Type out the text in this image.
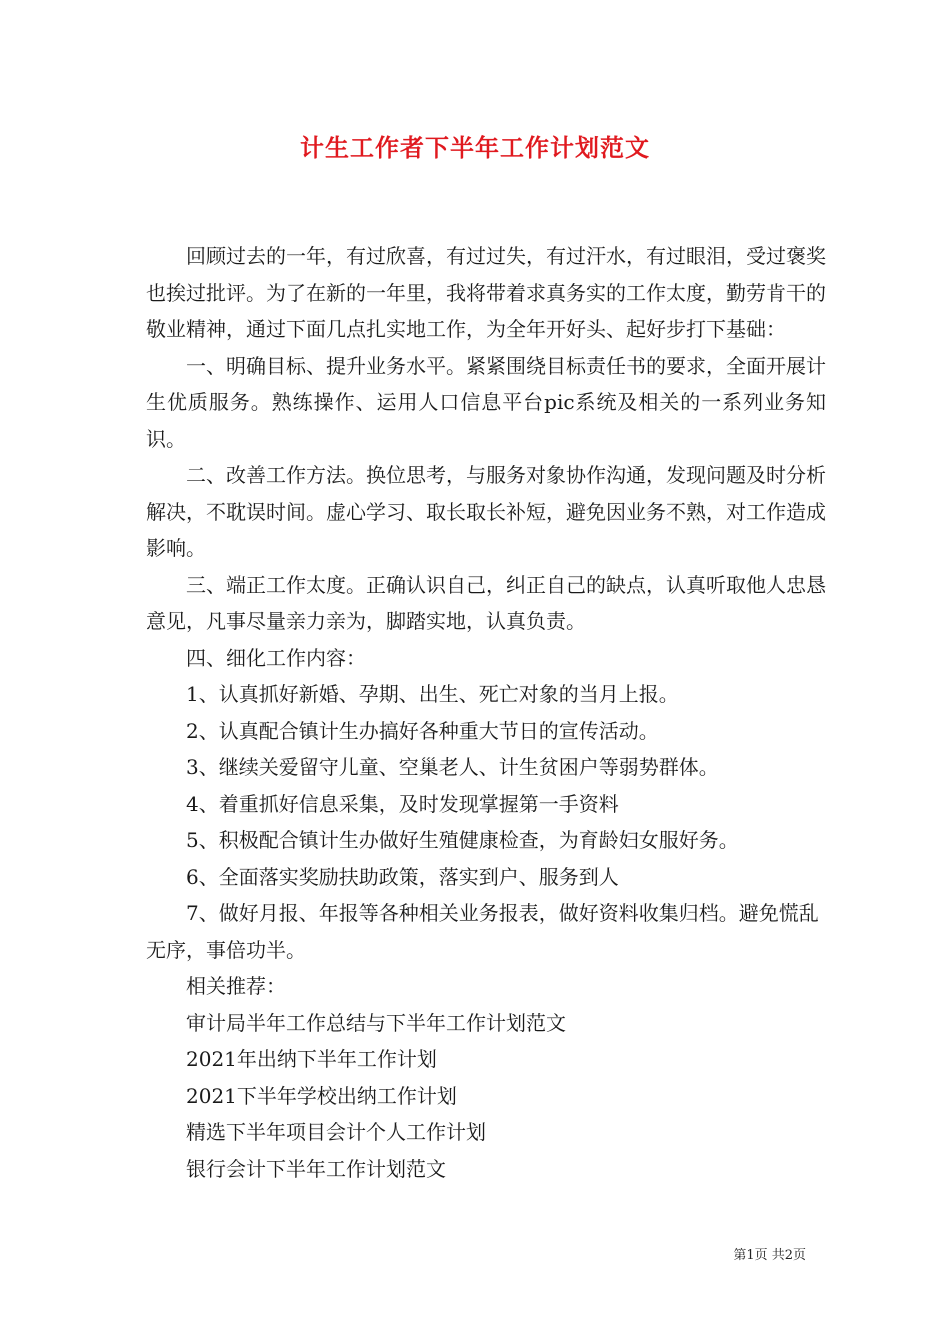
计生工作者下半年工作计划范文

回顾过去的一年，有过欣喜，有过过失，有过汗水，有过眼泪，受过褒奖也挨过批评。为了在新的一年里，我将带着求真务实的工作太度，勤劳肯干的敬业精神，通过下面几点扎实地工作，为全年开好头、起好步打下基础：

一、明确目标、提升业务水平。紧紧围绕目标责任书的要求，全面开展计生优质服务。熟练操作、运用人口信息平台pic系统及相关的一系列业务知识。

二、改善工作方法。换位思考，与服务对象协作沟通，发现问题及时分析解决，不耽误时间。虚心学习、取长取长补短，避免因业务不熟，对工作造成影响。

三、端正工作太度。正确认识自己，纠正自己的缺点，认真听取他人忠恳意见，凡事尽量亲力亲为，脚踏实地，认真负责。

四、细化工作内容：

1、认真抓好新婚、孕期、出生、死亡对象的当月上报。

2、认真配合镇计生办搞好各种重大节日的宣传活动。

3、继续关爱留守儿童、空巢老人、计生贫困户等弱势群体。

4、着重抓好信息采集，及时发现掌握第一手资料

5、积极配合镇计生办做好生殖健康检查，为育龄妇女服好务。

6、全面落实奖励扶助政策，落实到户、服务到人

7、做好月报、年报等各种相关业务报表，做好资料收集归档。避免慌乱无序，事倍功半。

相关推荐：

审计局半年工作总结与下半年工作计划范文

2021年出纳下半年工作计划

2021下半年学校出纳工作计划

精选下半年项目会计个人工作计划

银行会计下半年工作计划范文

第1页 共2页
